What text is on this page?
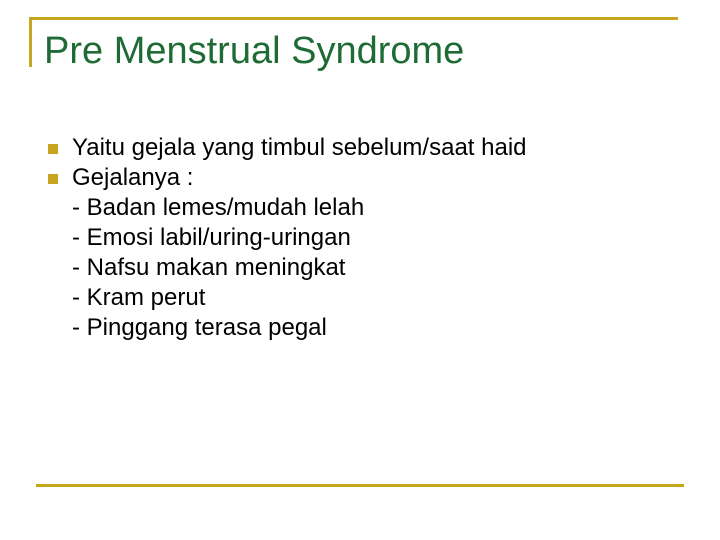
Pre Menstrual Syndrome
Yaitu gejala yang timbul sebelum/saat haid
Gejalanya :
- Badan lemes/mudah lelah
- Emosi labil/uring-uringan
- Nafsu makan meningkat
- Kram perut
- Pinggang terasa pegal
